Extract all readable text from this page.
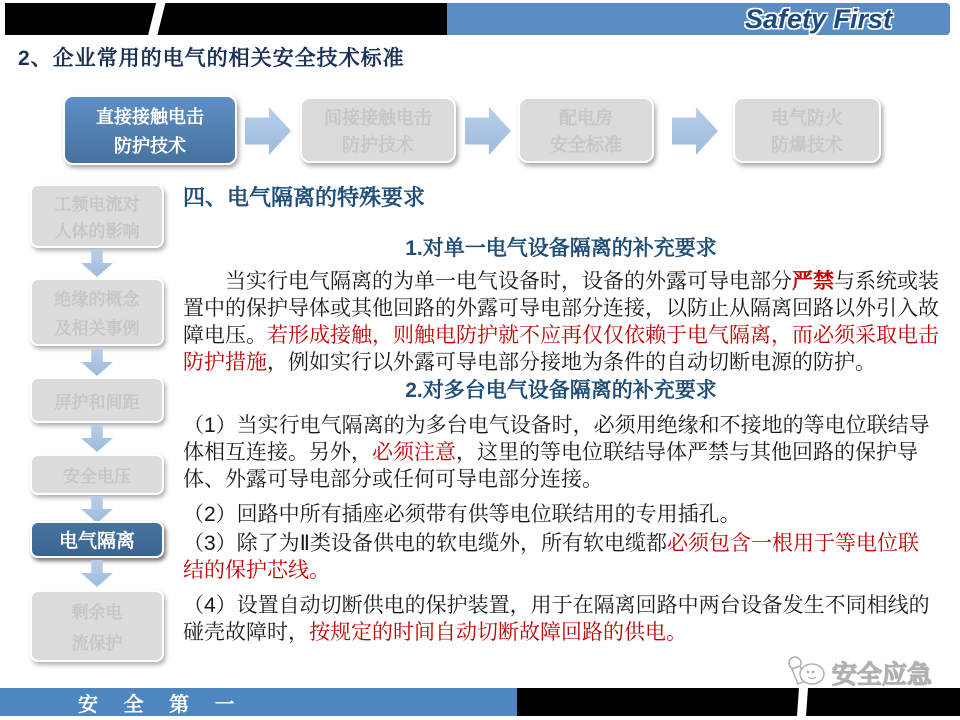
Safety First
2、企业常用的电气的相关安全技术标准
直接接触电击
防护技术
间接接触电击
防护技术
配电房
安全标准
电气防火
防爆技术
工频电流对
人体的影响
绝缘的概念
及相关事例
屏护和间距
安全电压
电气隔离
剩余电
流保护
四、电气隔离的特殊要求
1.对单一电气设备隔离的补充要求
当实行电气隔离的为单一电气设备时，设备的外露可导电部分严禁与系统或装置中的保护导体或其他回路的外露可导电部分连接，以防止从隔离回路以外引入故障电压。若形成接触，则触电防护就不应再仅仅依赖于电气隔离，而必须采取电击防护措施，例如实行以外露可导电部分接地为条件的自动切断电源的防护。
2.对多台电气设备隔离的补充要求
（1）当实行电气隔离的为多台电气设备时，必须用绝缘和不接地的等电位联结导体相互连接。另外，必须注意，这里的等电位联结导体严禁与其他回路的保护导体、外露可导电部分或任何可导电部分连接。
（2）回路中所有插座必须带有供等电位联结用的专用插孔。
（3）除了为Ⅱ类设备供电的软电缆外，所有软电缆都必须包含一根用于等电位联结的保护芯线。
（4）设置自动切断供电的保护装置，用于在隔离回路中两台设备发生不同相线的碰壳故障时，按规定的时间自动切断故障回路的供电。
安 全 第 一
安全应急
